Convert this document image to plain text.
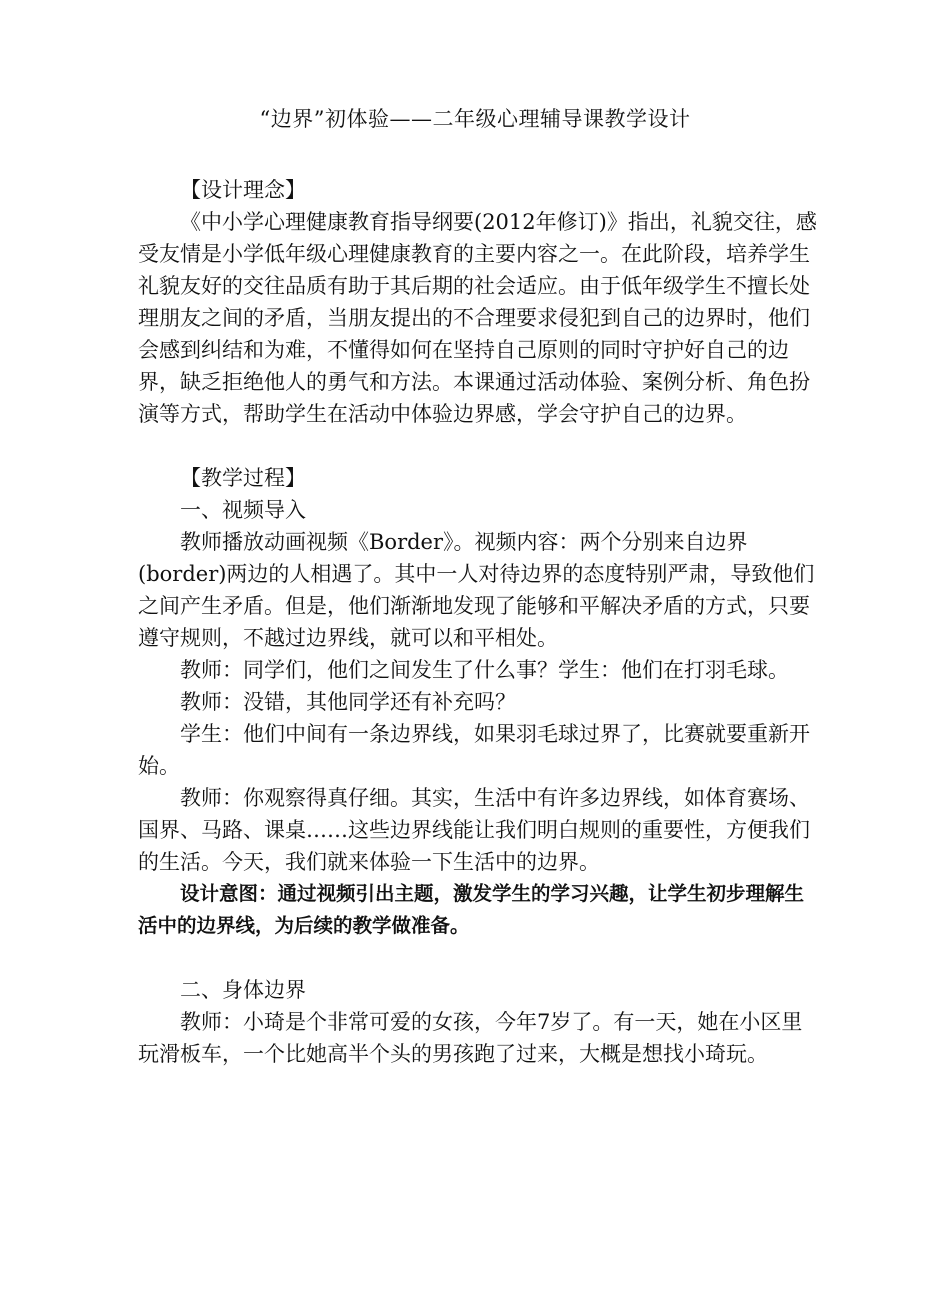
“边界”初体验——二年级心理辅导课教学设计

【设计理念】

《中小学心理健康教育指导纲要(2012年修订)》指出，礼貌交往，感受友情是小学低年级心理健康教育的主要内容之一。在此阶段，培养学生礼貌友好的交往品质有助于其后期的社会适应。由于低年级学生不擅长处理朋友之间的矛盾，当朋友提出的不合理要求侵犯到自己的边界时，他们会感到纠结和为难，不懂得如何在坚持自己原则的同时守护好自己的边界，缺乏拒绝他人的勇气和方法。本课通过活动体验、案例分析、角色扮演等方式，帮助学生在活动中体验边界感，学会守护自己的边界。

【教学过程】

一、视频导入

教师播放动画视频《Border》。视频内容：两个分别来自边界(border)两边的人相遇了。其中一人对待边界的态度特别严肃，导致他们之间产生矛盾。但是，他们渐渐地发现了能够和平解决矛盾的方式，只要遵守规则，不越过边界线，就可以和平相处。

教师：同学们，他们之间发生了什么事？学生：他们在打羽毛球。

教师：没错，其他同学还有补充吗？

学生：他们中间有一条边界线，如果羽毛球过界了，比赛就要重新开始。

教师：你观察得真仔细。其实，生活中有许多边界线，如体育赛场、国界、马路、课桌……这些边界线能让我们明白规则的重要性，方便我们的生活。今天，我们就来体验一下生活中的边界。

设计意图：通过视频引出主题，激发学生的学习兴趣，让学生初步理解生活中的边界线，为后续的教学做准备。

二、身体边界

教师：小琦是个非常可爱的女孩，今年7岁了。有一天，她在小区里玩滑板车，一个比她高半个头的男孩跑了过来，大概是想找小琦玩。
